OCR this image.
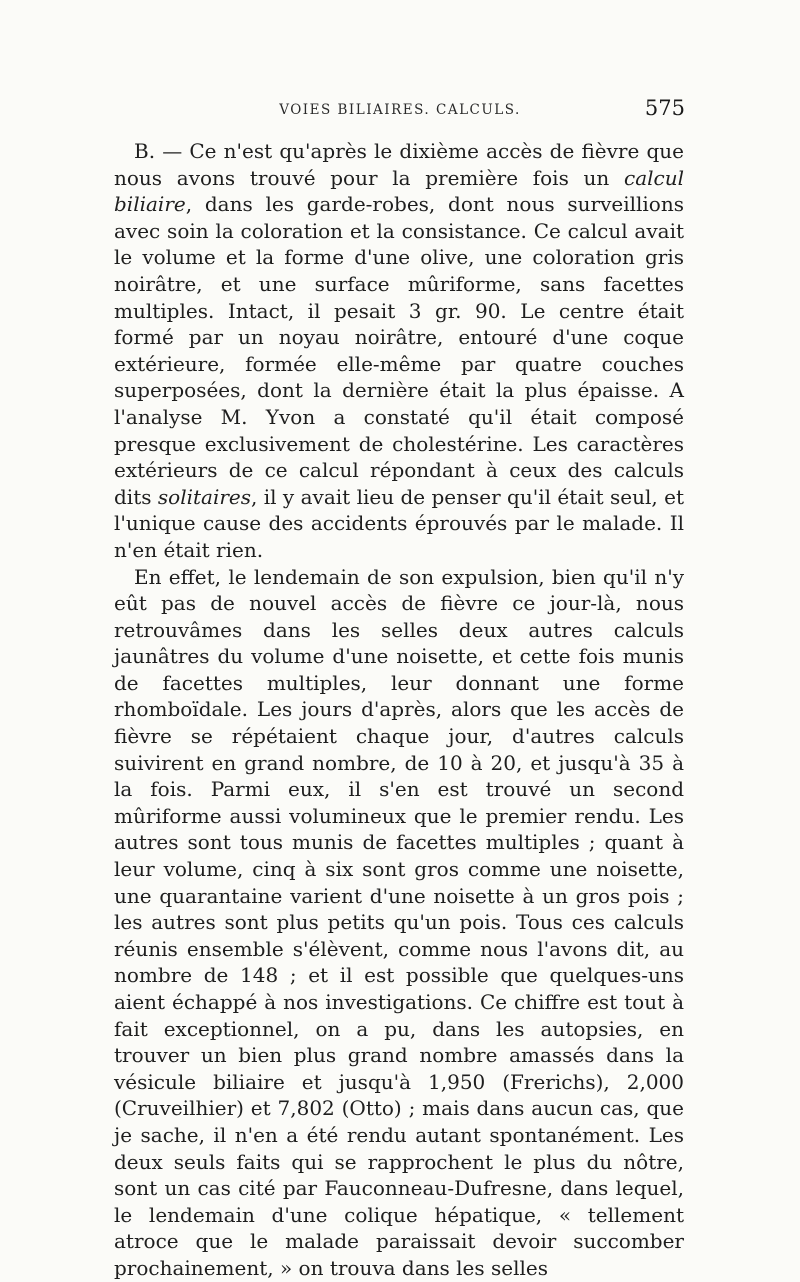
VOIES BILIAIRES. CALCULS.	575

B. — Ce n'est qu'après le dixième accès de fièvre que nous avons trouvé pour la première fois un calcul biliaire, dans les garde-robes, dont nous surveillions avec soin la coloration et la consistance. Ce calcul avait le volume et la forme d'une olive, une coloration gris noirâtre, et une surface mûriforme, sans facettes multiples. Intact, il pesait 3 gr. 90. Le centre était formé par un noyau noirâtre, entouré d'une coque extérieure, formée elle-même par quatre couches superposées, dont la dernière était la plus épaisse. A l'analyse M. Yvon a constaté qu'il était composé presque exclusivement de cholestérine. Les caractères extérieurs de ce calcul répondant à ceux des calculs dits solitaires, il y avait lieu de penser qu'il était seul, et l'unique cause des accidents éprouvés par le malade. Il n'en était rien.

En effet, le lendemain de son expulsion, bien qu'il n'y eût pas de nouvel accès de fièvre ce jour-là, nous retrouvâmes dans les selles deux autres calculs jaunâtres du volume d'une noisette, et cette fois munis de facettes multiples, leur donnant une forme rhomboïdale. Les jours d'après, alors que les accès de fièvre se répétaient chaque jour, d'autres calculs suivirent en grand nombre, de 10 à 20, et jusqu'à 35 à la fois. Parmi eux, il s'en est trouvé un second mûriforme aussi volumineux que le premier rendu. Les autres sont tous munis de facettes multiples ; quant à leur volume, cinq à six sont gros comme une noisette, une quarantaine varient d'une noisette à un gros pois ; les autres sont plus petits qu'un pois. Tous ces calculs réunis ensemble s'élèvent, comme nous l'avons dit, au nombre de 148 ; et il est possible que quelques-uns aient échappé à nos investigations. Ce chiffre est tout à fait exceptionnel, on a pu, dans les autopsies, en trouver un bien plus grand nombre amassés dans la vésicule biliaire et jusqu'à 1,950 (Frerichs), 2,000 (Cruveilhier) et 7,802 (Otto) ; mais dans aucun cas, que je sache, il n'en a été rendu autant spontanément. Les deux seuls faits qui se rapprochent le plus du nôtre, sont un cas cité par Fauconneau-Dufresne, dans lequel, le lendemain d'une colique hépatique, « tellement atroce que le malade paraissait devoir succomber prochainement, » on trouva dans les selles
